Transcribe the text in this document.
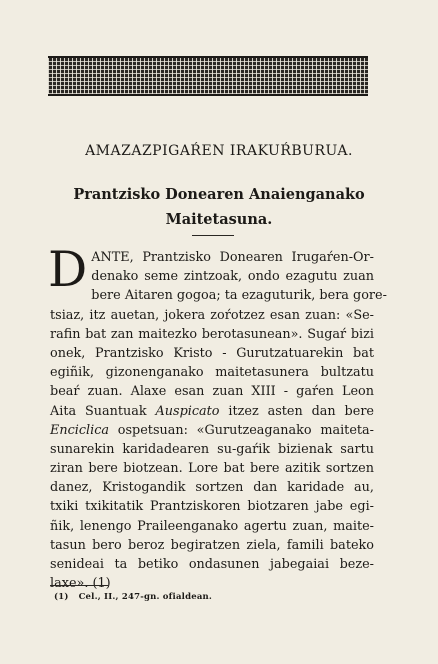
AMAZAZPIGAŔEN IRAKUŔBURUA.
Prantzisko Donearen Anaienganako
Maitetasuna.
D ANTE, Prantzisko Donearen Irugaŕen-Or-
denako seme zintzoak, ondo ezagutu zuan
bere Aitaren gogoa; ta ezaguturik, bera gore-
tsiaz, itz auetan, jokera zoŕotzez esan zuan: «Se-
rafin bat zan maitezko berotasunean». Sugaŕ bizi
onek, Prantzisko Kristo - Gurutzatuarekin bat
egiñik, gizonenganako maitetasunera bultzatu
beaŕ zuan. Alaxe esan zuan XIII - gaŕen Leon
Aita Suantuak Auspicato itzez asten dan bere
Enciclica ospetsuan: «Gurutzeaganako maiteta-
sunarekin karidadearen su-gaŕik bizienak sartu
ziran bere biotzean. Lore bat bere azitik sortzen
danez, Kristogandik sortzen dan karidade au,
txiki txikitatik Prantziskoren biotzaren jabe egi-
ñik, lenengo Praileenganako agertu zuan, maite-
tasun bero beroz begiratzen ziela, famili bateko
senideai ta betiko ondasunen jabegaiai beze-
laxe». (1)
(1) Cel., II., 247-gn. ofialdean.
